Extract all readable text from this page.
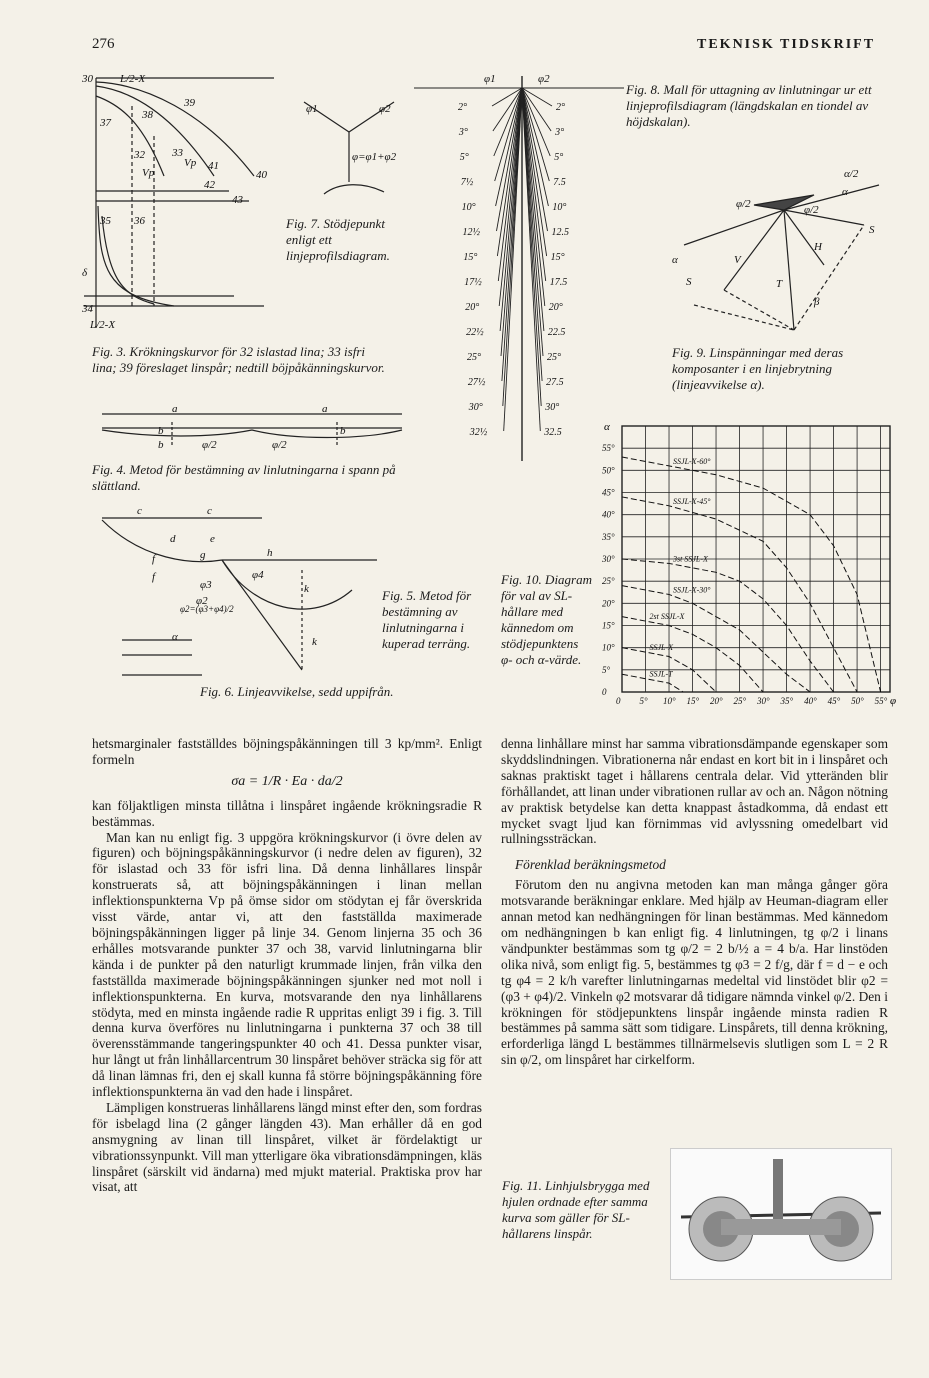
276	TEKNISK TIDSKRIFT
30
39
38
37
32 33
41
40
42
43
35 36
34
Vp
Vp
δ
L/2-X
L/2-X
φ1	φ2
φ=φ1+φ2
Fig. 7. Stödjepunkt enligt ett linjeprofilsdiagram.
Fig. 3. Krökningskurvor för 32 islastad lina; 33 isfri lina; 39 föreslaget linspår; nedtill böjpåkänningskurvor.
a	a
b
b
b
φ/2	φ/2
Fig. 4. Metod för bestämning av linlutningarna i spann på slättland.
c	c
d	e
f
f
g	h
k
k
φ3
φ4
φ2
φ2=(φ3+φ4)/2
α
Fig. 5. Metod för bestämning av linlutningarna i kuperad terräng.
Fig. 6. Linjeavvikelse, sedd uppifrån.
φ1	φ2
2°
3°
5°
7½
10°
12½
15°
17½
20°
22½
25°
27½
30°
32½
2°
3°
5°
7.5
10°
12.5
15°
17.5
20°
22.5
25°
27.5
30°
32.5
Fig. 8. Mall för uttagning av linlutningar ur ett linjeprofilsdiagram (längdskalan en tiondel av höjdskalan).
α/2
φ/2	φ/2
S
H
T
V
S
α
β
α
Fig. 9. Linspänningar med deras komposanter i en linjebrytning (linjeavvikelse α).
0
5°
10°
15°
20°
25°
30°
35°
40°
45°
50°
55°
0 5° 10° 15° 20° 25° 30° 35° 40° 45° 50° 55°
SSJL-X-60°
SSJL-X-45°
3st SSJL-X
SSJL-X-30°
2st SSJL-X
SSJL-X
SSJL-T
α
φ
Fig. 10. Diagram för val av SL-hållare med kännedom om stödjepunktens φ- och α-värde.

hetsmarginaler fastställdes böjningspåkänningen till 3 kp/mm². Enligt formeln

σa = 1/R · Ea · da/2

kan följaktligen minsta tillåtna i linspåret ingående krökningsradie R bestämmas.

Man kan nu enligt fig. 3 uppgöra krökningskurvor (i övre delen av figuren) och böjningspåkänningskurvor (i nedre delen av figuren), 32 för islastad och 33 för isfri lina. Då denna linhållares linspår konstruerats så, att böjningspåkänningen i linan mellan inflektionspunkterna Vp på ömse sidor om stödytan ej får överskrida visst värde, antar vi, att den fastställda maximerade böjningspåkänningen ligger på linje 34. Genom linjerna 35 och 36 erhålles motsvarande punkter 37 och 38, varvid linlutningarna blir kända i de punkter på den naturligt krummade linjen, från vilka den fastställda maximerade böjningspåkänningen sjunker ned mot noll i inflektionspunkterna. En kurva, motsvarande den nya linhållarens stödyta, med en minsta ingående radie R uppritas enligt 39 i fig. 3. Till denna kurva överföres nu linlutningarna i punkterna 37 och 38 till överensstämmande tangeringspunkter 40 och 41. Dessa punkter visar, hur långt ut från linhållarcentrum 30 linspåret behöver sträcka sig för att då linan lämnas fri, den ej skall kunna få större böjningspåkänning före inflektionspunkterna än vad den hade i linspåret.

Lämpligen konstrueras linhållarens längd minst efter den, som fordras för isbelagd lina (2 gånger längden 43). Man erhåller då en god ansmygning av linan till linspåret, vilket är fördelaktigt ur vibrationssynpunkt. Vill man ytterligare öka vibrationsdämpningen, kläs linspåret (särskilt vid ändarna) med mjukt material. Praktiska prov har visat, att

denna linhållare minst har samma vibrationsdämpande egenskaper som skyddslindningen. Vibrationerna når endast en kort bit in i linspåret och saknas praktiskt taget i hållarens centrala delar. Vid ytteränden blir förhållandet, att linan under vibrationen rullar av och an. Någon nötning av praktisk betydelse kan detta knappast åstadkomma, då endast ett mycket svagt ljud kan förnimmas vid avlyssning omedelbart vid rullningssträckan.

Förenklad beräkningsmetod

Förutom den nu angivna metoden kan man många gånger göra motsvarande beräkningar enklare. Med hjälp av Heuman-diagram eller annan metod kan nedhängningen för linan bestämmas. Med kännedom om nedhängningen b kan enligt fig. 4 linlutningen, tg φ/2 i linans vändpunkter bestämmas som tg φ/2 = 2 b/½ a = 4 b/a. Har linstöden olika nivå, som enligt fig. 5, bestämmes tg φ3 = 2 f/g, där f = d − e och tg φ4 = 2 k/h varefter linlutningarnas medeltal vid linstödet blir φ2 = (φ3 + φ4)/2. Vinkeln φ2 motsvarar då tidigare nämnda vinkel φ/2. Den i krökningen för stödjepunktens linspår ingående minsta radien R bestämmes på samma sätt som tidigare. Linspårets, till denna krökning, erforderliga längd L bestämmes tillnärmelsevis slutligen som L = 2 R sin φ/2, om linspåret har cirkelform.

Fig. 11. Linhjulsbrygga med hjulen ordnade efter samma kurva som gäller för SL-hållarens linspår.
